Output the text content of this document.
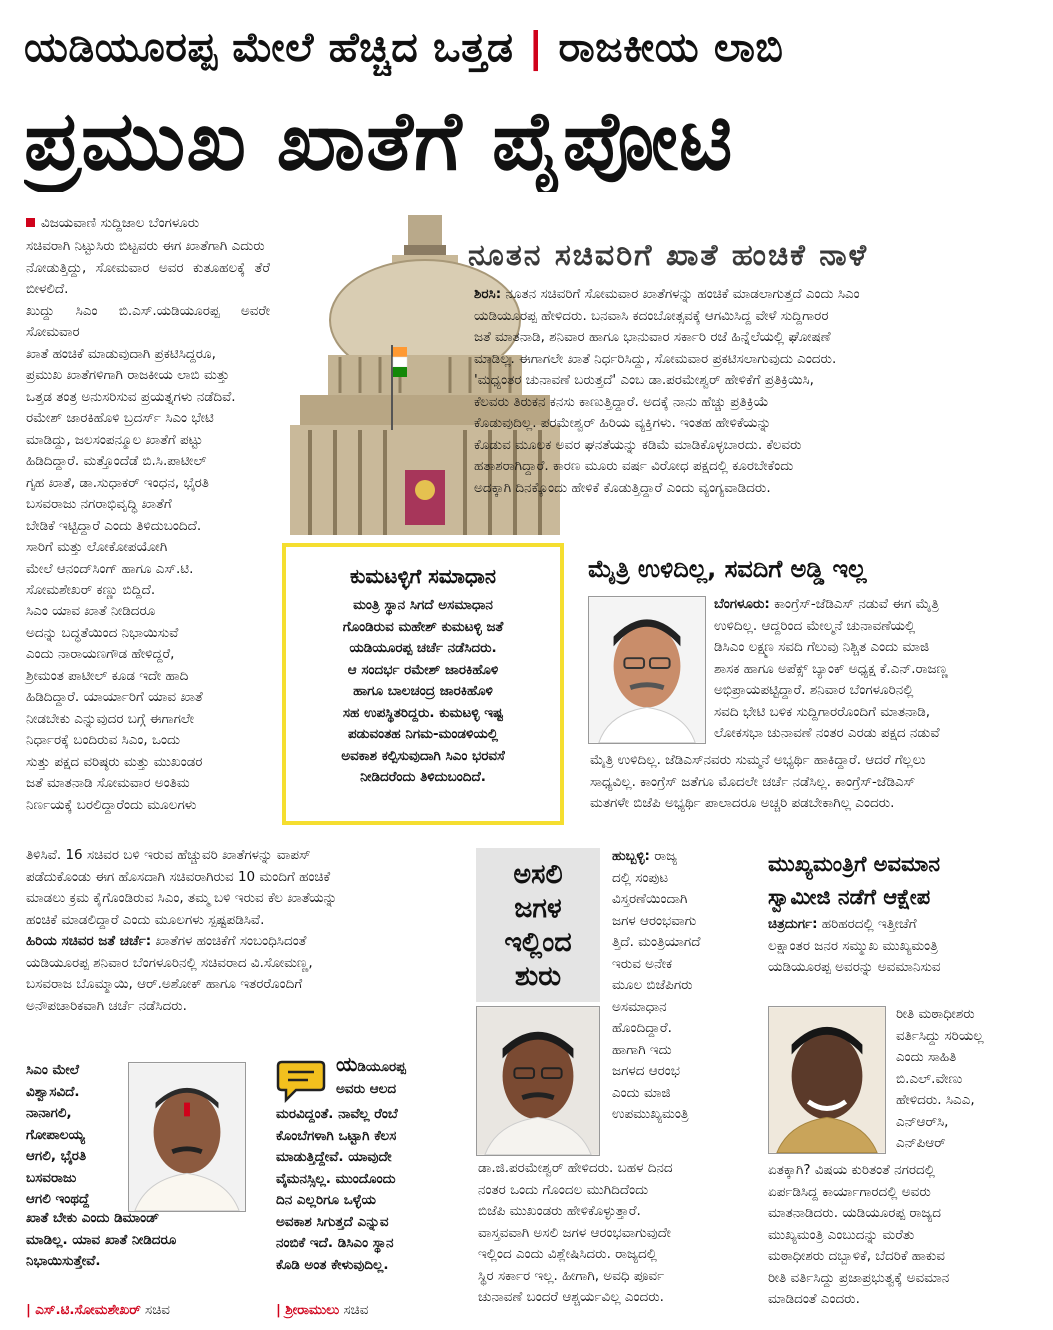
ಯಡಿಯೂರಪ್ಪ ಮೇಲೆ ಹೆಚ್ಚಿದ ಒತ್ತಡ | ರಾಜಕೀಯ ಲಾಬಿ
ಪ್ರಮುಖ ಖಾತೆಗೆ ಪೈಪೋಟಿ
ವಿಜಯವಾಣಿ ಸುದ್ದಿಜಾಲ ಬೆಂಗಳೂರು

ಸಚಿವರಾಗಿ ನಿಟ್ಟುಸಿರು ಬಿಟ್ಟವರು ಈಗ ಖಾತೆಗಾಗಿ ಎದುರು

ನೋಡುತ್ತಿದ್ದು, ಸೋಮವಾರ ಅವರ ಕುತೂಹಲಕ್ಕೆ ತೆರೆ ಬೀಳಲಿದೆ.

ಖುದ್ದು ಸಿಎಂ ಬಿ.ಎಸ್.ಯಡಿಯೂರಪ್ಪ ಅವರೇ ಸೋಮವಾರ

ಖಾತೆ ಹಂಚಿಕೆ ಮಾಡುವುದಾಗಿ ಪ್ರಕಟಿಸಿದ್ದರೂ,

ಪ್ರಮುಖ ಖಾತೆಗಳಿಗಾಗಿ ರಾಜಕೀಯ ಲಾಬಿ ಮತ್ತು

ಒತ್ತಡ ತಂತ್ರ ಅನುಸರಿಸುವ ಪ್ರಯತ್ನಗಳು ನಡೆದಿವೆ.

ರಮೇಶ್ ಜಾರಕಿಹೊಳಿ ಬ್ರದರ್ಸ್ ಸಿಎಂ ಭೇಟಿ

ಮಾಡಿದ್ದು, ಜಲಸಂಪನ್ಮೂಲ ಖಾತೆಗೆ ಪಟ್ಟು

ಹಿಡಿದಿದ್ದಾರೆ. ಮತ್ತೊಂದೆಡೆ ಬಿ.ಸಿ.ಪಾಟೀಲ್

ಗೃಹ ಖಾತೆ, ಡಾ.ಸುಧಾಕರ್ ಇಂಧನ, ಭೈರತಿ

ಬಸವರಾಜು ನಗರಾಭಿವೃದ್ಧಿ ಖಾತೆಗೆ

ಬೇಡಿಕೆ ಇಟ್ಟಿದ್ದಾರೆ ಎಂದು ತಿಳಿದುಬಂದಿದೆ.

ಸಾರಿಗೆ ಮತ್ತು ಲೋಕೋಪಯೋಗಿ

ಮೇಲೆ ಆನಂದ್‌ಸಿಂಗ್ ಹಾಗೂ ಎಸ್.ಟಿ.

ಸೋಮಶೇಖರ್ ಕಣ್ಣು ಬಿದ್ದಿದೆ.

ಸಿಎಂ ಯಾವ ಖಾತೆ ನೀಡಿದರೂ

ಅದನ್ನು ಬದ್ಧತೆಯಿಂದ ನಿಭಾಯಿಸುವೆ

ಎಂದು ನಾರಾಯಣಗೌಡ ಹೇಳಿದ್ದರೆ,

ಶ್ರೀಮಂತ ಪಾಟೀಲ್ ಕೂಡ ಇದೇ ಹಾದಿ

ಹಿಡಿದಿದ್ದಾರೆ. ಯಾರ್ಯಾರಿಗೆ ಯಾವ ಖಾತೆ

ನೀಡಬೇಕು ಎನ್ನುವುದರ ಬಗ್ಗೆ ಈಗಾಗಲೇ

ನಿರ್ಧಾರಕ್ಕೆ ಬಂದಿರುವ ಸಿಎಂ, ಒಂದು

ಸುತ್ತು ಪಕ್ಷದ ವರಿಷ್ಠರು ಮತ್ತು ಮುಖಂಡರ

ಜತೆ ಮಾತನಾಡಿ ಸೋಮವಾರ ಅಂತಿಮ

ನಿರ್ಣಯಕ್ಕೆ ಬರಲಿದ್ದಾರೆಂದು ಮೂಲಗಳು

ತಿಳಿಸಿವೆ. 16 ಸಚಿವರ ಬಳಿ ಇರುವ ಹೆಚ್ಚುವರಿ ಖಾತೆಗಳನ್ನು ವಾಪಸ್

ಪಡೆದುಕೊಂಡು ಈಗ ಹೊಸದಾಗಿ ಸಚಿವರಾಗಿರುವ 10 ಮಂದಿಗೆ ಹಂಚಿಕೆ

ಮಾಡಲು ಕ್ರಮ ಕೈಗೊಂಡಿರುವ ಸಿಎಂ, ತಮ್ಮ ಬಳಿ ಇರುವ ಕೆಲ ಖಾತೆಯನ್ನು

ಹಂಚಿಕೆ ಮಾಡಲಿದ್ದಾರೆ ಎಂದು ಮೂಲಗಳು ಸ್ಪಷ್ಟಪಡಿಸಿವೆ.

ಹಿರಿಯ ಸಚಿವರ ಜತೆ ಚರ್ಚೆ: ಖಾತೆಗಳ ಹಂಚಿಕೆಗೆ ಸಂಬಂಧಿಸಿದಂತೆ

ಯಡಿಯೂರಪ್ಪ ಶನಿವಾರ ಬೆಂಗಳೂರಿನಲ್ಲಿ ಸಚಿವರಾದ ವಿ.ಸೋಮಣ್ಣ,

ಬಸವರಾಜ ಬೊಮ್ಮಾಯಿ, ಆರ್.ಅಶೋಕ್ ಹಾಗೂ ಇತರರೊಂದಿಗೆ

ಅನೌಪಚಾರಿಕವಾಗಿ ಚರ್ಚೆ ನಡೆಸಿದರು.

ನೂತನ ಸಚಿವರಿಗೆ ಖಾತೆ ಹಂಚಿಕೆ ನಾಳೆ

ಶಿರಸಿ: ನೂತನ ಸಚಿವರಿಗೆ ಸೋಮವಾರ ಖಾತೆಗಳನ್ನು ಹಂಚಿಕೆ ಮಾಡಲಾಗುತ್ತದೆ ಎಂದು ಸಿಎಂ

ಯಡಿಯೂರಪ್ಪ ಹೇಳಿದರು. ಬನವಾಸಿ ಕದಂಬೋತ್ಸವಕ್ಕೆ ಆಗಮಿಸಿದ್ದ ವೇಳೆ ಸುದ್ದಿಗಾರರ

ಜತೆ ಮಾತನಾಡಿ, ಶನಿವಾರ ಹಾಗೂ ಭಾನುವಾರ ಸರ್ಕಾರಿ ರಜೆ ಹಿನ್ನೆಲೆಯಲ್ಲಿ ಘೋಷಣೆ

ಮಾಡಿಲ್ಲ. ಈಗಾಗಲೇ ಖಾತೆ ನಿರ್ಧರಿಸಿದ್ದು, ಸೋಮವಾರ ಪ್ರಕಟಿಸಲಾಗುವುದು ಎಂದರು.

'ಮಧ್ಯಂತರ ಚುನಾವಣೆ ಬರುತ್ತದೆ' ಎಂಬ ಡಾ.ಪರಮೇಶ್ವರ್ ಹೇಳಿಕೆಗೆ ಪ್ರತಿಕ್ರಿಯಿಸಿ,

ಕೆಲವರು ತಿರುಕನ ಕನಸು ಕಾಣುತ್ತಿದ್ದಾರೆ. ಅದಕ್ಕೆ ನಾನು ಹೆಚ್ಚು ಪ್ರತಿಕ್ರಿಯೆ

ಕೊಡುವುದಿಲ್ಲ. ಪರಮೇಶ್ವರ್ ಹಿರಿಯ ವ್ಯಕ್ತಿಗಳು. ಇಂತಹ ಹೇಳಿಕೆಯನ್ನು

ಕೊಡುವ ಮೂಲಕ ಅವರ ಘನತೆಯನ್ನು ಕಡಿಮೆ ಮಾಡಿಕೊಳ್ಳಬಾರದು. ಕೆಲವರು

ಹತಾಶರಾಗಿದ್ದಾರೆ. ಕಾರಣ ಮೂರು ವರ್ಷ ವಿರೋಧ ಪಕ್ಷದಲ್ಲಿ ಕೂರಬೇಕೆಂದು

ಅದಕ್ಕಾಗಿ ದಿನಕ್ಕೊಂದು ಹೇಳಿಕೆ ಕೊಡುತ್ತಿದ್ದಾರೆ ಎಂದು ವ್ಯಂಗ್ಯವಾಡಿದರು.

ಕುಮಟಳ್ಳಿಗೆ ಸಮಾಧಾನ

ಮಂತ್ರಿ ಸ್ಥಾನ ಸಿಗದೆ ಅಸಮಾಧಾನ

ಗೊಂಡಿರುವ ಮಹೇಶ್ ಕುಮಟಳ್ಳಿ ಜತೆ

ಯಡಿಯೂರಪ್ಪ ಚರ್ಚೆ ನಡೆಸಿದರು.

ಆ ಸಂದರ್ಭ ರಮೇಶ್ ಜಾರಕಿಹೊಳಿ

ಹಾಗೂ ಬಾಲಚಂದ್ರ ಜಾರಕಿಹೊಳಿ

ಸಹ ಉಪಸ್ಥಿತರಿದ್ದರು. ಕುಮಟಳ್ಳಿ ಇಷ್ಟ

ಪಡುವಂತಹ ನಿಗಮ-ಮಂಡಳಿಯಲ್ಲಿ

ಅವಕಾಶ ಕಲ್ಪಿಸುವುದಾಗಿ ಸಿಎಂ ಭರವಸೆ

ನೀಡಿದರೆಂದು ತಿಳಿದುಬಂದಿದೆ.

ಮೈತ್ರಿ ಉಳಿದಿಲ್ಲ, ಸವದಿಗೆ ಅಡ್ಡಿ ಇಲ್ಲ

ಬೆಂಗಳೂರು: ಕಾಂಗ್ರೆಸ್-ಜೆಡಿಎಸ್ ನಡುವೆ ಈಗ ಮೈತ್ರಿ

ಉಳಿದಿಲ್ಲ. ಆದ್ದರಿಂದ ಮೇಲ್ಮನೆ ಚುನಾವಣೆಯಲ್ಲಿ

ಡಿಸಿಎಂ ಲಕ್ಷ್ಮಣ ಸವದಿ ಗೆಲುವು ನಿಶ್ಚಿತ ಎಂದು ಮಾಜಿ

ಶಾಸಕ ಹಾಗೂ ಅಪೆಕ್ಸ್ ಬ್ಯಾಂಕ್ ಅಧ್ಯಕ್ಷ ಕೆ.ಎನ್.ರಾಜಣ್ಣ

ಅಭಿಪ್ರಾಯಪಟ್ಟಿದ್ದಾರೆ. ಶನಿವಾರ ಬೆಂಗಳೂರಿನಲ್ಲಿ

ಸವದಿ ಭೇಟಿ ಬಳಿಕ ಸುದ್ದಿಗಾರರೊಂದಿಗೆ ಮಾತನಾಡಿ,

ಲೋಕಸಭಾ ಚುನಾವಣೆ ನಂತರ ಎರಡು ಪಕ್ಷದ ನಡುವೆ

ಮೈತ್ರಿ ಉಳಿದಿಲ್ಲ. ಜೆಡಿಎಸ್‌ನವರು ಸುಮ್ಮನೆ ಅಭ್ಯರ್ಥಿ ಹಾಕಿದ್ದಾರೆ. ಆದರೆ ಗೆಲ್ಲಲು

ಸಾಧ್ಯವಿಲ್ಲ. ಕಾಂಗ್ರೆಸ್ ಜತೆಗೂ ಮೊದಲೇ ಚರ್ಚೆ ನಡೆಸಿಲ್ಲ. ಕಾಂಗ್ರೆಸ್-ಜೆಡಿಎಸ್

ಮತಗಳೇ ಬಿಜೆಪಿ ಅಭ್ಯರ್ಥಿ ಪಾಲಾದರೂ ಅಚ್ಚರಿ ಪಡಬೇಕಾಗಿಲ್ಲ ಎಂದರು.

ಅಸಲಿ
ಜಗಳ
ಇಲ್ಲಿಂದ
ಶುರು

ಹುಬ್ಬಳ್ಳಿ: ರಾಜ್ಯ

ದಲ್ಲಿ ಸಂಪುಟ

ವಿಸ್ತರಣೆಯಿಂದಾಗಿ

ಜಗಳ ಆರಂಭವಾಗು

ತ್ತಿದೆ. ಮಂತ್ರಿಯಾಗದೆ

ಇರುವ ಅನೇಕ

ಮೂಲ ಬಿಜೆಪಿಗರು

ಅಸಮಾಧಾನ

ಹೊಂದಿದ್ದಾರೆ.

ಹಾಗಾಗಿ ಇದು

ಜಗಳದ ಆರಂಭ

ಎಂದು ಮಾಜಿ

ಉಪಮುಖ್ಯಮಂತ್ರಿ

ಡಾ.ಜಿ.ಪರಮೇಶ್ವರ್ ಹೇಳಿದರು. ಬಹಳ ದಿನದ

ನಂತರ ಒಂದು ಗೊಂದಲ ಮುಗಿದಿದೆಂದು

ಬಿಜೆಪಿ ಮುಖಂಡರು ಹೇಳಿಕೊಳ್ಳುತ್ತಾರೆ.

ವಾಸ್ತವವಾಗಿ ಅಸಲಿ ಜಗಳ ಆರಂಭವಾಗುವುದೇ

ಇಲ್ಲಿಂದ ಎಂದು ವಿಶ್ಲೇಷಿಸಿದರು. ರಾಜ್ಯದಲ್ಲಿ

ಸ್ಥಿರ ಸರ್ಕಾರ ಇಲ್ಲ. ಹೀಗಾಗಿ, ಅವಧಿ ಪೂರ್ವ

ಚುನಾವಣೆ ಬಂದರೆ ಆಶ್ಚರ್ಯವಿಲ್ಲ ಎಂದರು.

ಮುಖ್ಯಮಂತ್ರಿಗೆ ಅವಮಾನ
ಸ್ವಾಮೀಜಿ ನಡೆಗೆ ಆಕ್ಷೇಪ

ಚಿತ್ರದುರ್ಗ: ಹರಿಹರದಲ್ಲಿ ಇತ್ತೀಚೆಗೆ

ಲಕ್ಷಾಂತರ ಜನರ ಸಮ್ಮುಖ ಮುಖ್ಯಮಂತ್ರಿ

ಯಡಿಯೂರಪ್ಪ ಅವರನ್ನು ಅವಮಾನಿಸುವ

ರೀತಿ ಮಠಾಧೀಶರು

ವರ್ತಿಸಿದ್ದು ಸರಿಯಲ್ಲ

ಎಂದು ಸಾಹಿತಿ

ಬಿ.ಎಲ್.ವೇಣು

ಹೇಳಿದರು. ಸಿಎಎ,

ಎನ್‌ಆರ್‌ಸಿ,

ಎನ್‌ಪಿಆರ್

ಏತಕ್ಕಾಗಿ? ವಿಷಯ ಕುರಿತಂತೆ ನಗರದಲ್ಲಿ

ಏರ್ಪಡಿಸಿದ್ದ ಕಾರ್ಯಾಗಾರದಲ್ಲಿ ಅವರು

ಮಾತನಾಡಿದರು. ಯಡಿಯೂರಪ್ಪ ರಾಜ್ಯದ

ಮುಖ್ಯಮಂತ್ರಿ ಎಂಬುದನ್ನು ಮರೆತು

ಮಠಾಧೀಶರು ದಬ್ಬಾಳಿಕೆ, ಬೆದರಿಕೆ ಹಾಕುವ

ರೀತಿ ವರ್ತಿಸಿದ್ದು ಪ್ರಜಾಪ್ರಭುತ್ವಕ್ಕೆ ಅವಮಾನ

ಮಾಡಿದಂತೆ ಎಂದರು.

ಸಿಎಂ ಮೇಲೆ

ವಿಶ್ವಾಸವಿದೆ.

ನಾನಾಗಲಿ,

ಗೋಪಾಲಯ್ಯ

ಆಗಲಿ, ಭೈರತಿ

ಬಸವರಾಜು

ಆಗಲಿ ಇಂಥದ್ದೆ

ಖಾತೆ ಬೇಕು ಎಂದು ಡಿಮಾಂಡ್

ಮಾಡಿಲ್ಲ. ಯಾವ ಖಾತೆ ನೀಡಿದರೂ

ನಿಭಾಯಿಸುತ್ತೇವೆ.

| ಎಸ್.ಟಿ.ಸೋಮಶೇಖರ್ ಸಚಿವ

ಯಡಿಯೂರಪ್ಪ

ಅವರು ಆಲದ

ಮರವಿದ್ದಂತೆ. ನಾವೆಲ್ಲ ರೆಂಬೆ

ಕೊಂಬೆಗಳಾಗಿ ಒಟ್ಟಾಗಿ ಕೆಲಸ

ಮಾಡುತ್ತಿದ್ದೇವೆ. ಯಾವುದೇ

ವೈಮನಸ್ಸಿಲ್ಲ. ಮುಂದೊಂದು

ದಿನ ಎಲ್ಲರಿಗೂ ಒಳ್ಳೆಯ

ಅವಕಾಶ ಸಿಗುತ್ತದೆ ಎನ್ನುವ

ನಂಬಿಕೆ ಇದೆ. ಡಿಸಿಎಂ ಸ್ಥಾನ

ಕೊಡಿ ಅಂತ ಕೇಳುವುದಿಲ್ಲ.

| ಶ್ರೀರಾಮುಲು ಸಚಿವ
